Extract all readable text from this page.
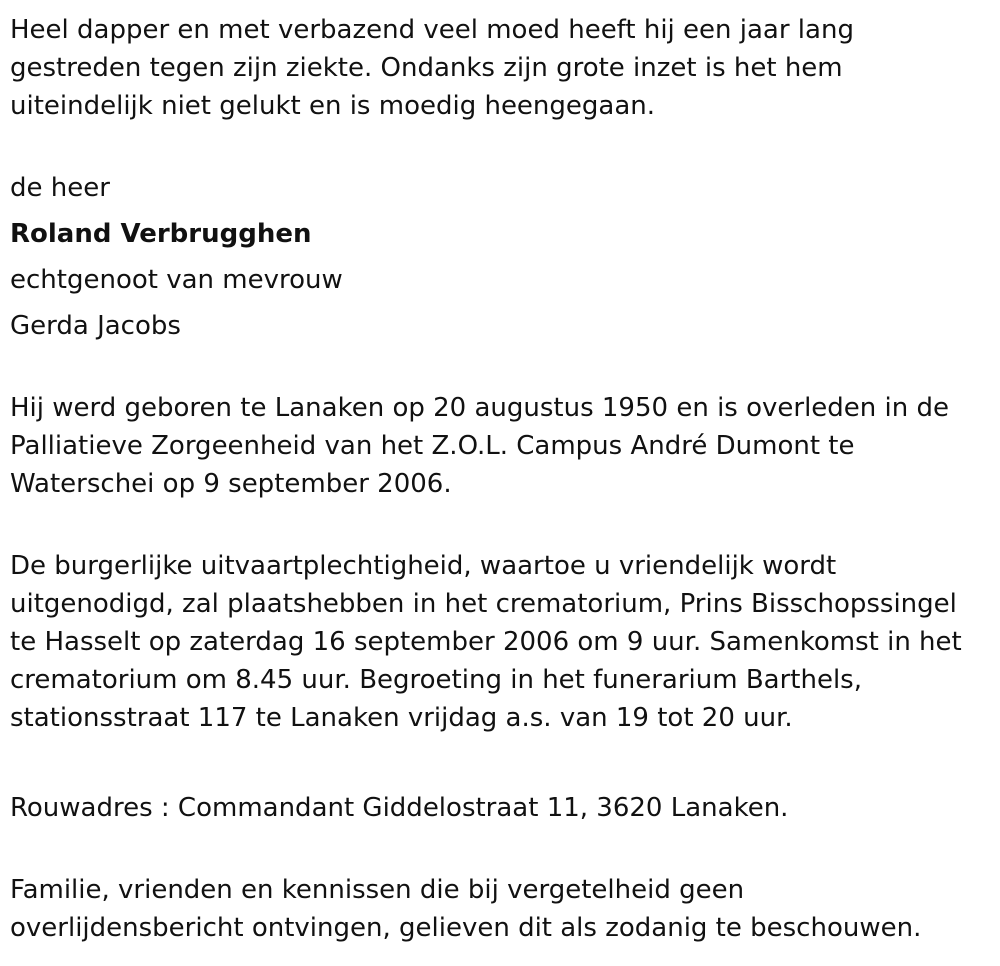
Heel dapper en met verbazend veel moed heeft hij een jaar lang
gestreden tegen zijn ziekte. Ondanks zijn grote inzet is het hem
uiteindelijk niet gelukt en is moedig heengegaan.

de heer

Roland Verbrugghen

echtgenoot van mevrouw

Gerda Jacobs

Hij werd geboren te Lanaken op 20 augustus 1950 en is overleden in de
Palliatieve Zorgeenheid van het Z.O.L. Campus André Dumont te
Waterschei op 9 september 2006.

De burgerlijke uitvaartplechtigheid, waartoe u vriendelijk wordt
uitgenodigd, zal plaatshebben in het crematorium, Prins Bisschopssingel
te Hasselt op zaterdag 16 september 2006 om 9 uur. Samenkomst in het
crematorium om 8.45 uur. Begroeting in het funerarium Barthels,
stationsstraat 117 te Lanaken vrijdag a.s. van 19 tot 20 uur.

Rouwadres : Commandant Giddelostraat 11, 3620 Lanaken.

Familie, vrienden en kennissen die bij vergetelheid geen
overlijdensbericht ontvingen, gelieven dit als zodanig te beschouwen.
